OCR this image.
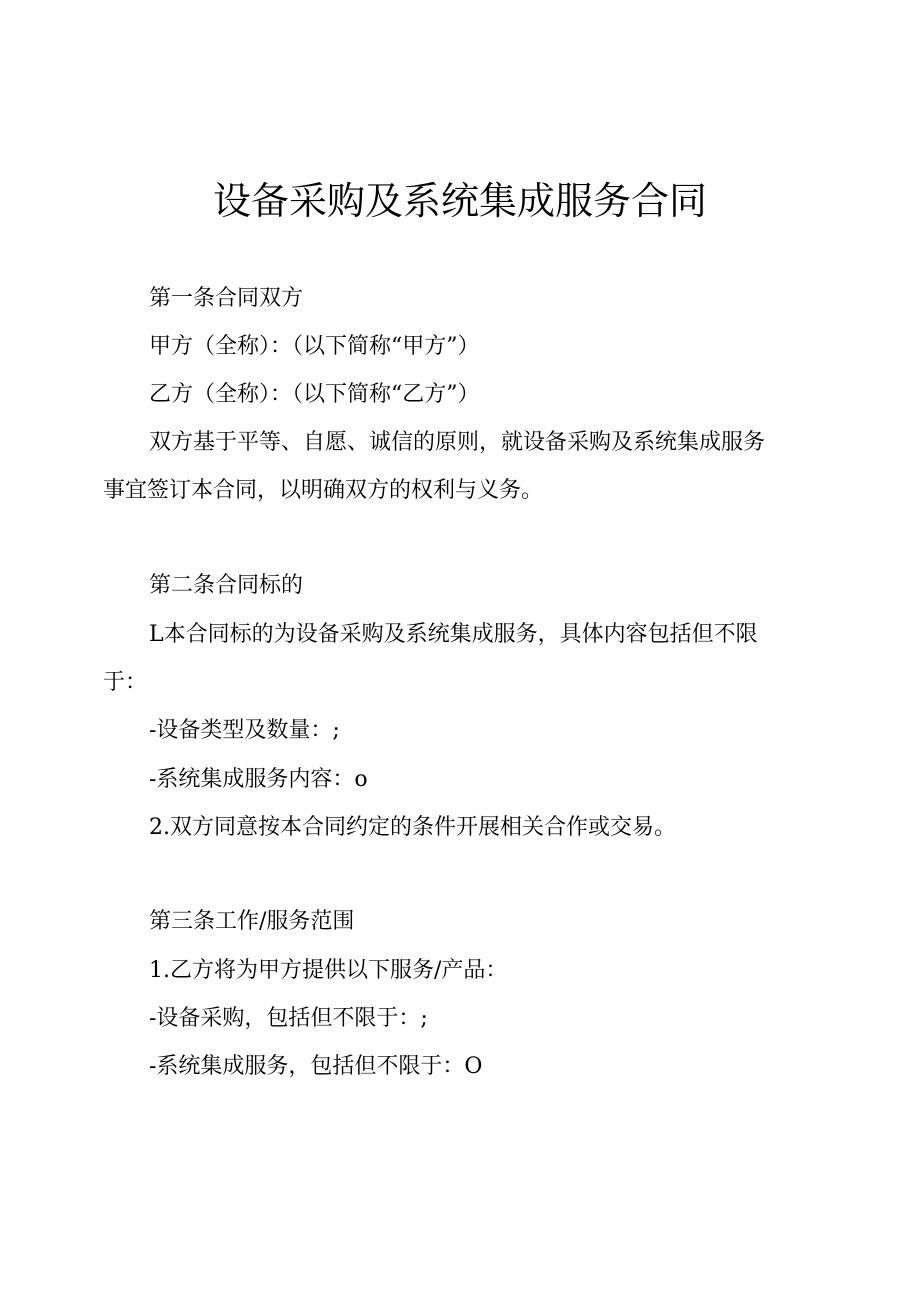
设备采购及系统集成服务合同
第一条合同双方
甲方（全称）：（以下简称“甲方”）
乙方（全称）：（以下简称“乙方”）
双方基于平等、自愿、诚信的原则，就设备采购及系统集成服务
事宜签订本合同，以明确双方的权利与义务。
第二条合同标的
L本合同标的为设备采购及系统集成服务，具体内容包括但不限
于：
-设备类型及数量：;
-系统集成服务内容：o
2.双方同意按本合同约定的条件开展相关合作或交易。
第三条工作/服务范围
1.乙方将为甲方提供以下服务/产品：
-设备采购，包括但不限于：;
-系统集成服务，包括但不限于：O
